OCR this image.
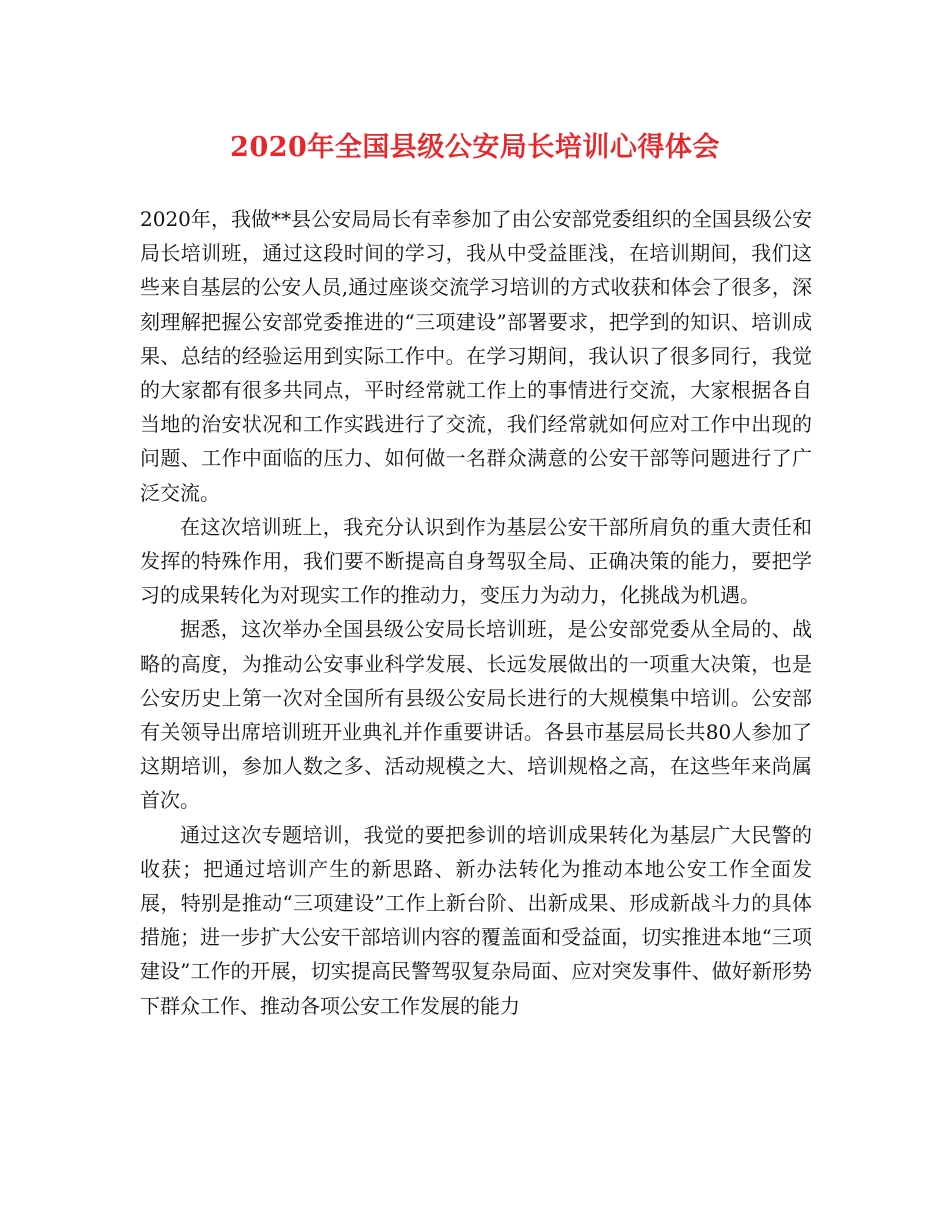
2020年全国县级公安局长培训心得体会

2020年，我做**县公安局局长有幸参加了由公安部党委组织的全国县级公安局长培训班，通过这段时间的学习，我从中受益匪浅，在培训期间，我们这些来自基层的公安人员,通过座谈交流学习培训的方式收获和体会了很多，深刻理解把握公安部党委推进的“三项建设”部署要求，把学到的知识、培训成果、总结的经验运用到实际工作中。在学习期间，我认识了很多同行，我觉的大家都有很多共同点，平时经常就工作上的事情进行交流，大家根据各自当地的治安状况和工作实践进行了交流，我们经常就如何应对工作中出现的问题、工作中面临的压力、如何做一名群众满意的公安干部等问题进行了广泛交流。

在这次培训班上，我充分认识到作为基层公安干部所肩负的重大责任和发挥的特殊作用，我们要不断提高自身驾驭全局、正确决策的能力，要把学习的成果转化为对现实工作的推动力，变压力为动力，化挑战为机遇。

据悉，这次举办全国县级公安局长培训班，是公安部党委从全局的、战略的高度，为推动公安事业科学发展、长远发展做出的一项重大决策，也是公安历史上第一次对全国所有县级公安局长进行的大规模集中培训。公安部有关领导出席培训班开业典礼并作重要讲话。各县市基层局长共80人参加了这期培训，参加人数之多、活动规模之大、培训规格之高，在这些年来尚属首次。

通过这次专题培训，我觉的要把参训的培训成果转化为基层广大民警的收获；把通过培训产生的新思路、新办法转化为推动本地公安工作全面发展，特别是推动“三项建设”工作上新台阶、出新成果、形成新战斗力的具体措施；进一步扩大公安干部培训内容的覆盖面和受益面，切实推进本地“三项建设”工作的开展，切实提高民警驾驭复杂局面、应对突发事件、做好新形势下群众工作、推动各项公安工作发展的能力
